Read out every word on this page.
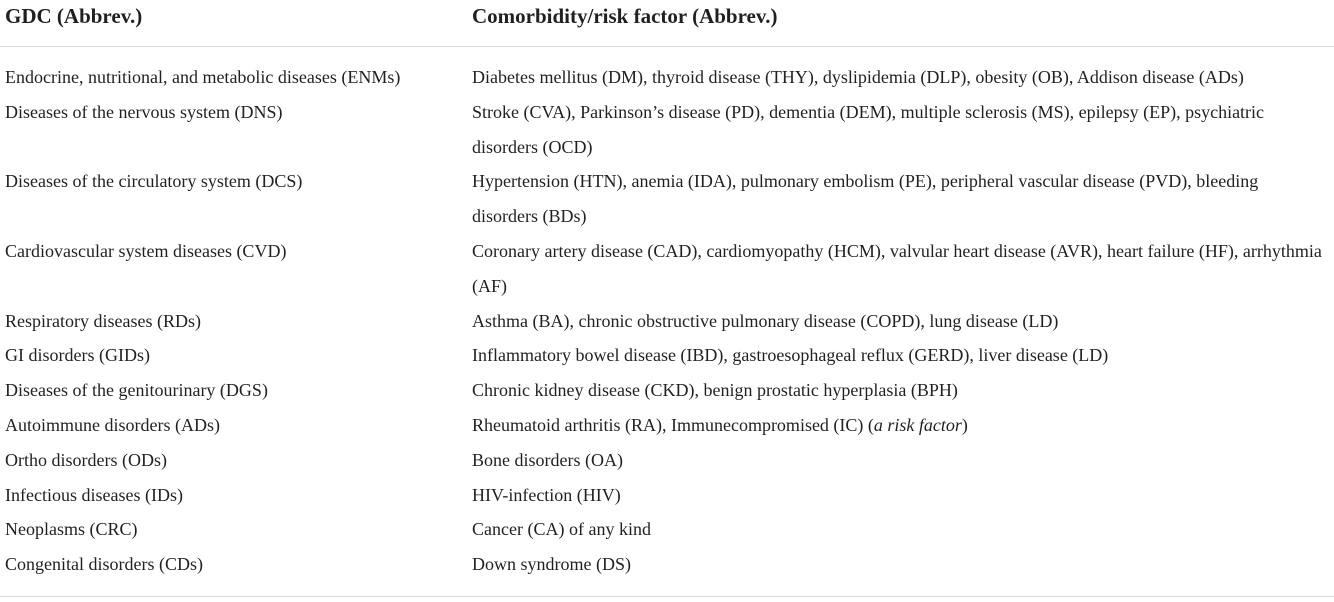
GDC (Abbrev.)	Comorbidity/risk factor (Abbrev.)
Endocrine, nutritional, and metabolic diseases (ENMs)	Diabetes mellitus (DM), thyroid disease (THY), dyslipidemia (DLP), obesity (OB), Addison disease (ADs)
Diseases of the nervous system (DNS)	Stroke (CVA), Parkinson’s disease (PD), dementia (DEM), multiple sclerosis (MS), epilepsy (EP), psychiatric disorders (OCD)
Diseases of the circulatory system (DCS)	Hypertension (HTN), anemia (IDA), pulmonary embolism (PE), peripheral vascular disease (PVD), bleeding disorders (BDs)
Cardiovascular system diseases (CVD)	Coronary artery disease (CAD), cardiomyopathy (HCM), valvular heart disease (AVR), heart failure (HF), arrhythmia (AF)
Respiratory diseases (RDs)	Asthma (BA), chronic obstructive pulmonary disease (COPD), lung disease (LD)
GI disorders (GIDs)	Inflammatory bowel disease (IBD), gastroesophageal reflux (GERD), liver disease (LD)
Diseases of the genitourinary (DGS)	Chronic kidney disease (CKD), benign prostatic hyperplasia (BPH)
Autoimmune disorders (ADs)	Rheumatoid arthritis (RA), Immunecompromised (IC) (a risk factor)
Ortho disorders (ODs)	Bone disorders (OA)
Infectious diseases (IDs)	HIV-infection (HIV)
Neoplasms (CRC)	Cancer (CA) of any kind
Congenital disorders (CDs)	Down syndrome (DS)
